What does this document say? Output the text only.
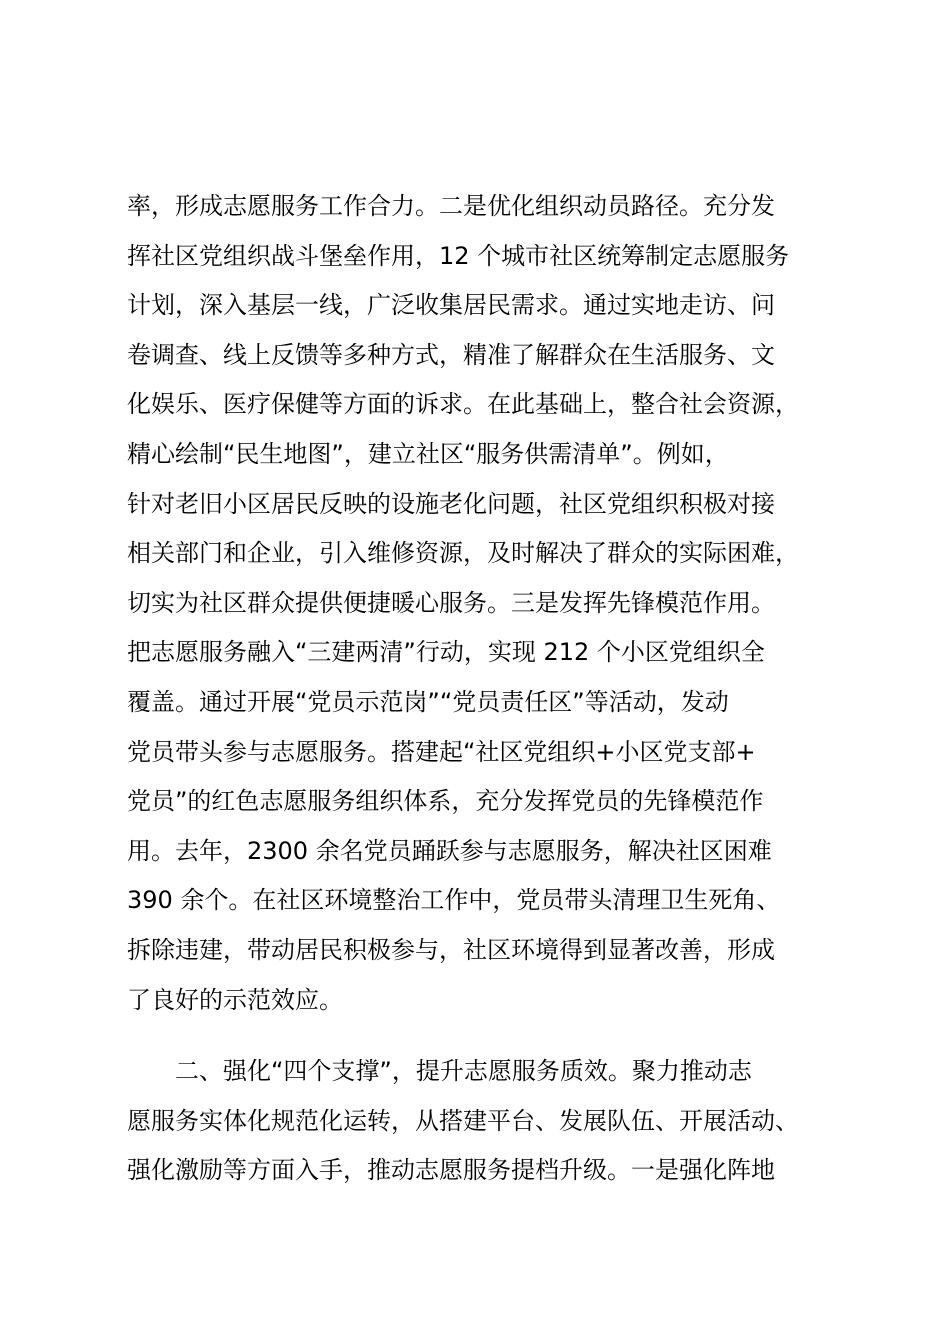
率，形成志愿服务工作合力。二是优化组织动员路径。充分发
挥社区党组织战斗堡垒作用，12 个城市社区统筹制定志愿服务
计划，深入基层一线，广泛收集居民需求。通过实地走访、问
卷调查、线上反馈等多种方式，精准了解群众在生活服务、文
化娱乐、医疗保健等方面的诉求。在此基础上，整合社会资源，
精心绘制“民生地图”，建立社区“服务供需清单”。例如，
针对老旧小区居民反映的设施老化问题，社区党组织积极对接
相关部门和企业，引入维修资源，及时解决了群众的实际困难，
切实为社区群众提供便捷暖心服务。三是发挥先锋模范作用。
把志愿服务融入“三建两清”行动，实现 212 个小区党组织全
覆盖。通过开展“党员示范岗”“党员责任区”等活动，发动
党员带头参与志愿服务。搭建起“社区党组织+小区党支部+
党员”的红色志愿服务组织体系，充分发挥党员的先锋模范作
用。去年，2300 余名党员踊跃参与志愿服务，解决社区困难
390 余个。在社区环境整治工作中，党员带头清理卫生死角、
拆除违建，带动居民积极参与，社区环境得到显著改善，形成
了良好的示范效应。
二、强化“四个支撑”，提升志愿服务质效。聚力推动志
愿服务实体化规范化运转，从搭建平台、发展队伍、开展活动、
强化激励等方面入手，推动志愿服务提档升级。一是强化阵地
